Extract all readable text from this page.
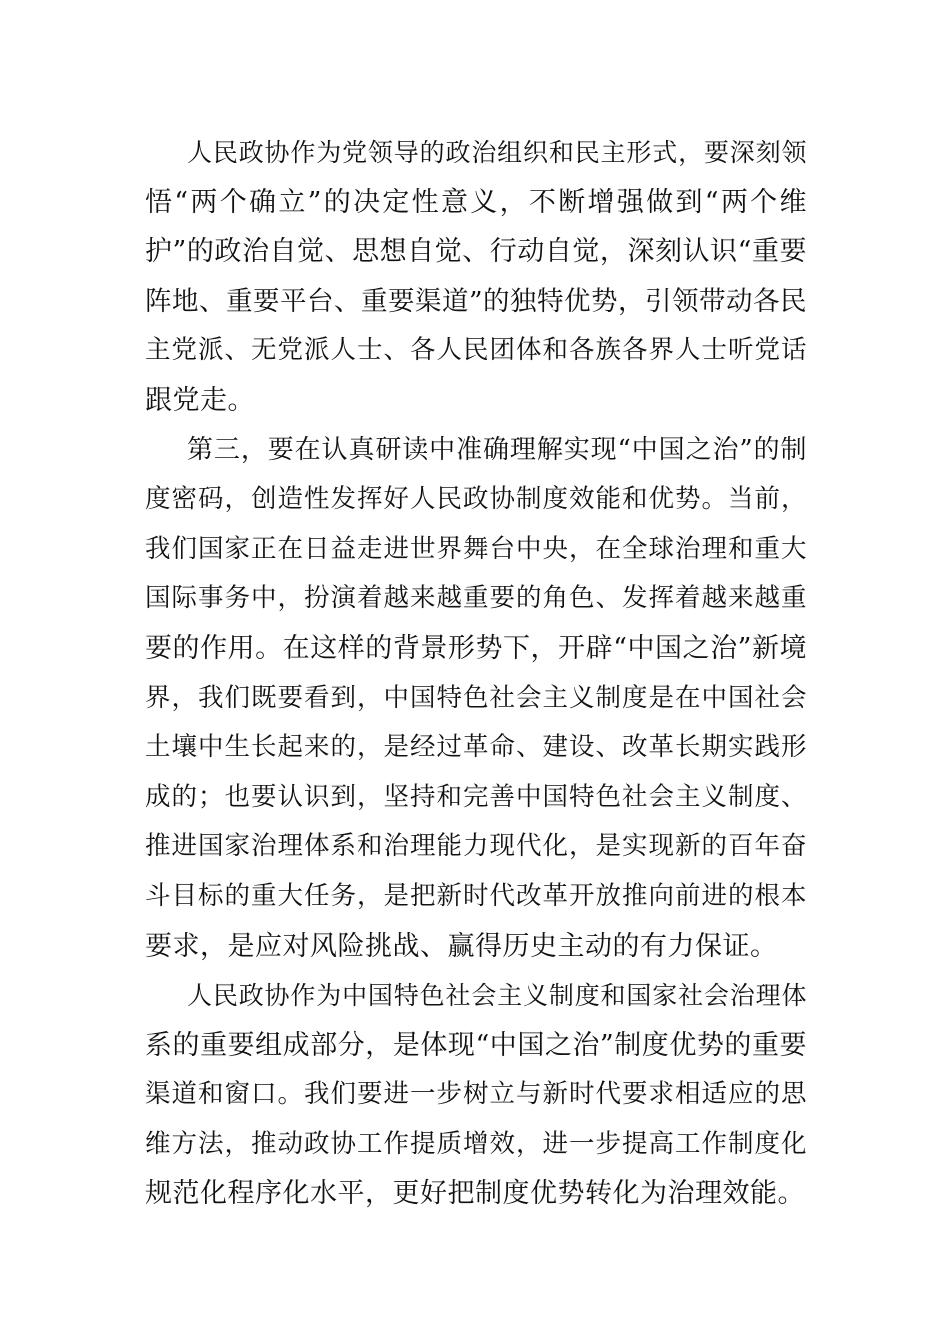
人民政协作为党领导的政治组织和民主形式，要深刻领
悟“两个确立”的决定性意义，不断增强做到“两个维
护”的政治自觉、思想自觉、行动自觉，深刻认识“重要
阵地、重要平台、重要渠道”的独特优势，引领带动各民
主党派、无党派人士、各人民团体和各族各界人士听党话
跟党走。

第三，要在认真研读中准确理解实现“中国之治”的制
度密码，创造性发挥好人民政协制度效能和优势。当前，
我们国家正在日益走进世界舞台中央，在全球治理和重大
国际事务中，扮演着越来越重要的角色、发挥着越来越重
要的作用。在这样的背景形势下，开辟“中国之治”新境
界，我们既要看到，中国特色社会主义制度是在中国社会
土壤中生长起来的，是经过革命、建设、改革长期实践形
成的；也要认识到，坚持和完善中国特色社会主义制度、
推进国家治理体系和治理能力现代化，是实现新的百年奋
斗目标的重大任务，是把新时代改革开放推向前进的根本
要求，是应对风险挑战、赢得历史主动的有力保证。

人民政协作为中国特色社会主义制度和国家社会治理体
系的重要组成部分，是体现“中国之治”制度优势的重要
渠道和窗口。我们要进一步树立与新时代要求相适应的思
维方法，推动政协工作提质增效，进一步提高工作制度化
规范化程序化水平，更好把制度优势转化为治理效能。
